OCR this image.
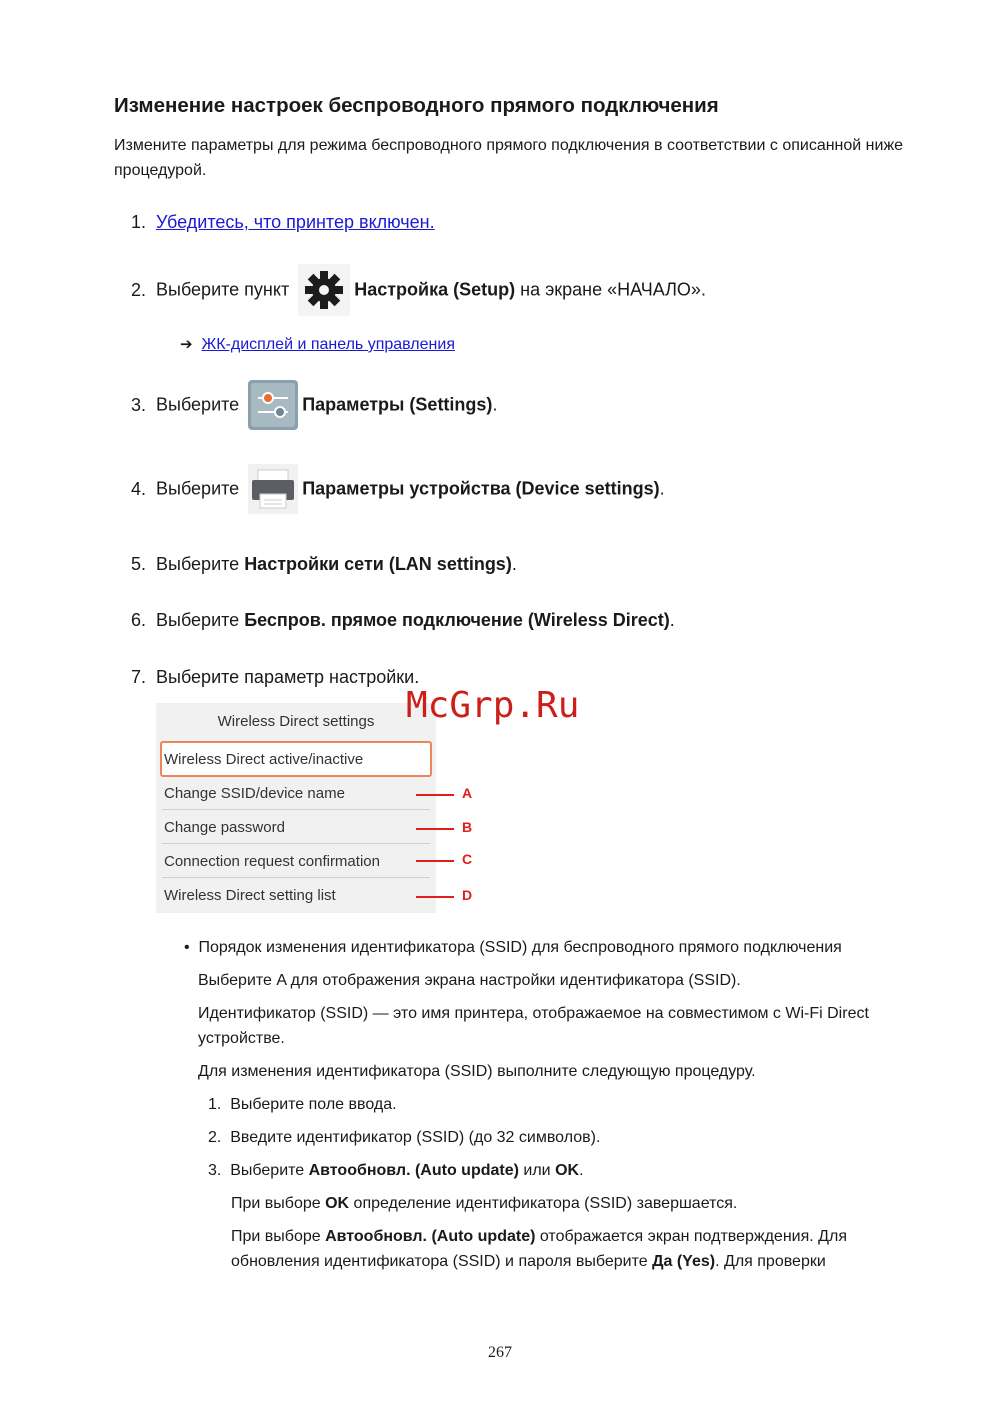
Изменение настроек беспроводного прямого подключения
Измените параметры для режима беспроводного прямого подключения в соответствии с описанной ниже процедурой.
1. Убедитесь, что принтер включен.
2. Выберите пункт	Настройка (Setup) на экране «НАЧАЛО».
➔ ЖК-дисплей и панель управления
3. Выберите	Параметры (Settings).
4. Выберите	Параметры устройства (Device settings).
5. Выберите Настройки сети (LAN settings).
6. Выберите Беспров. прямое подключение (Wireless Direct).
7. Выберите параметр настройки.
Wireless Direct settings
Wireless Direct active/inactive
Change SSID/device name
Change password
Connection request confirmation
Wireless Direct setting list
A
B
C
D
McGrp.Ru
• Порядок изменения идентификатора (SSID) для беспроводного прямого подключения
Выберите A для отображения экрана настройки идентификатора (SSID).
Идентификатор (SSID) — это имя принтера, отображаемое на совместимом с Wi-Fi Direct устройстве.
Для изменения идентификатора (SSID) выполните следующую процедуру.
1. Выберите поле ввода.
2. Введите идентификатор (SSID) (до 32 символов).
3. Выберите Автообновл. (Auto update) или OK.
При выборе OK определение идентификатора (SSID) завершается.
При выборе Автообновл. (Auto update) отображается экран подтверждения. Для обновления идентификатора (SSID) и пароля выберите Да (Yes). Для проверки
267
